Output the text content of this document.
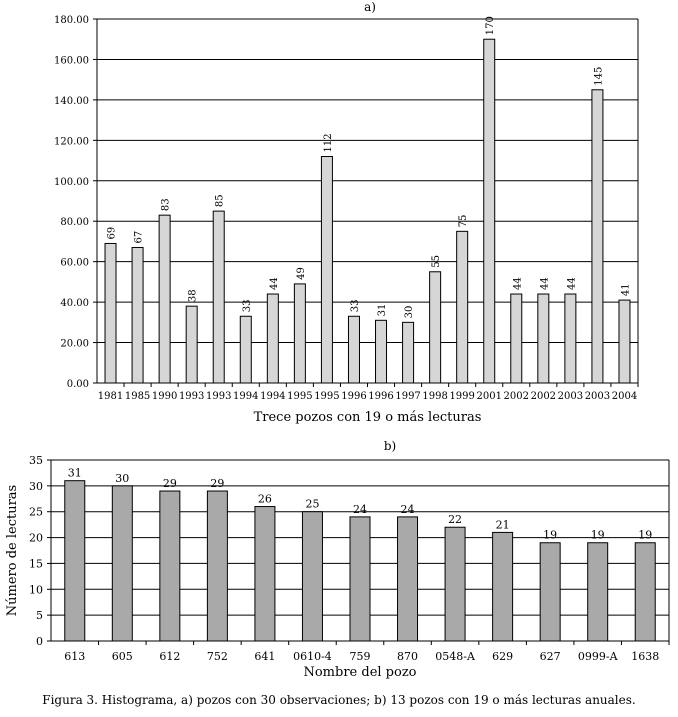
a)
0.00
20.00
40.00
60.00
80.00
100.00
120.00
140.00
160.00
180.00
69
1981
67
1985
83
1990
38
1993
85
1993
33
1994
44
1994
49
1995
112
1995
33
1996
31
1996
30
1997
55
1998
75
1999
170
2001
44
2002
44
2002
44
2003
145
2003
41
2004
Trece pozos con 19 o más lecturas
b)
0
5
10
15
20
25
30
35
31
613
30
605
29
612
29
752
26
641
25
0610-4
24
759
24
870
22
0548-A
21
629
19
627
19
0999-A
19
1638
Nombre del pozo
Número de lecturas
Figura 3. Histograma, a) pozos con 30 observaciones; b) 13 pozos con 19 o más lecturas anuales.
